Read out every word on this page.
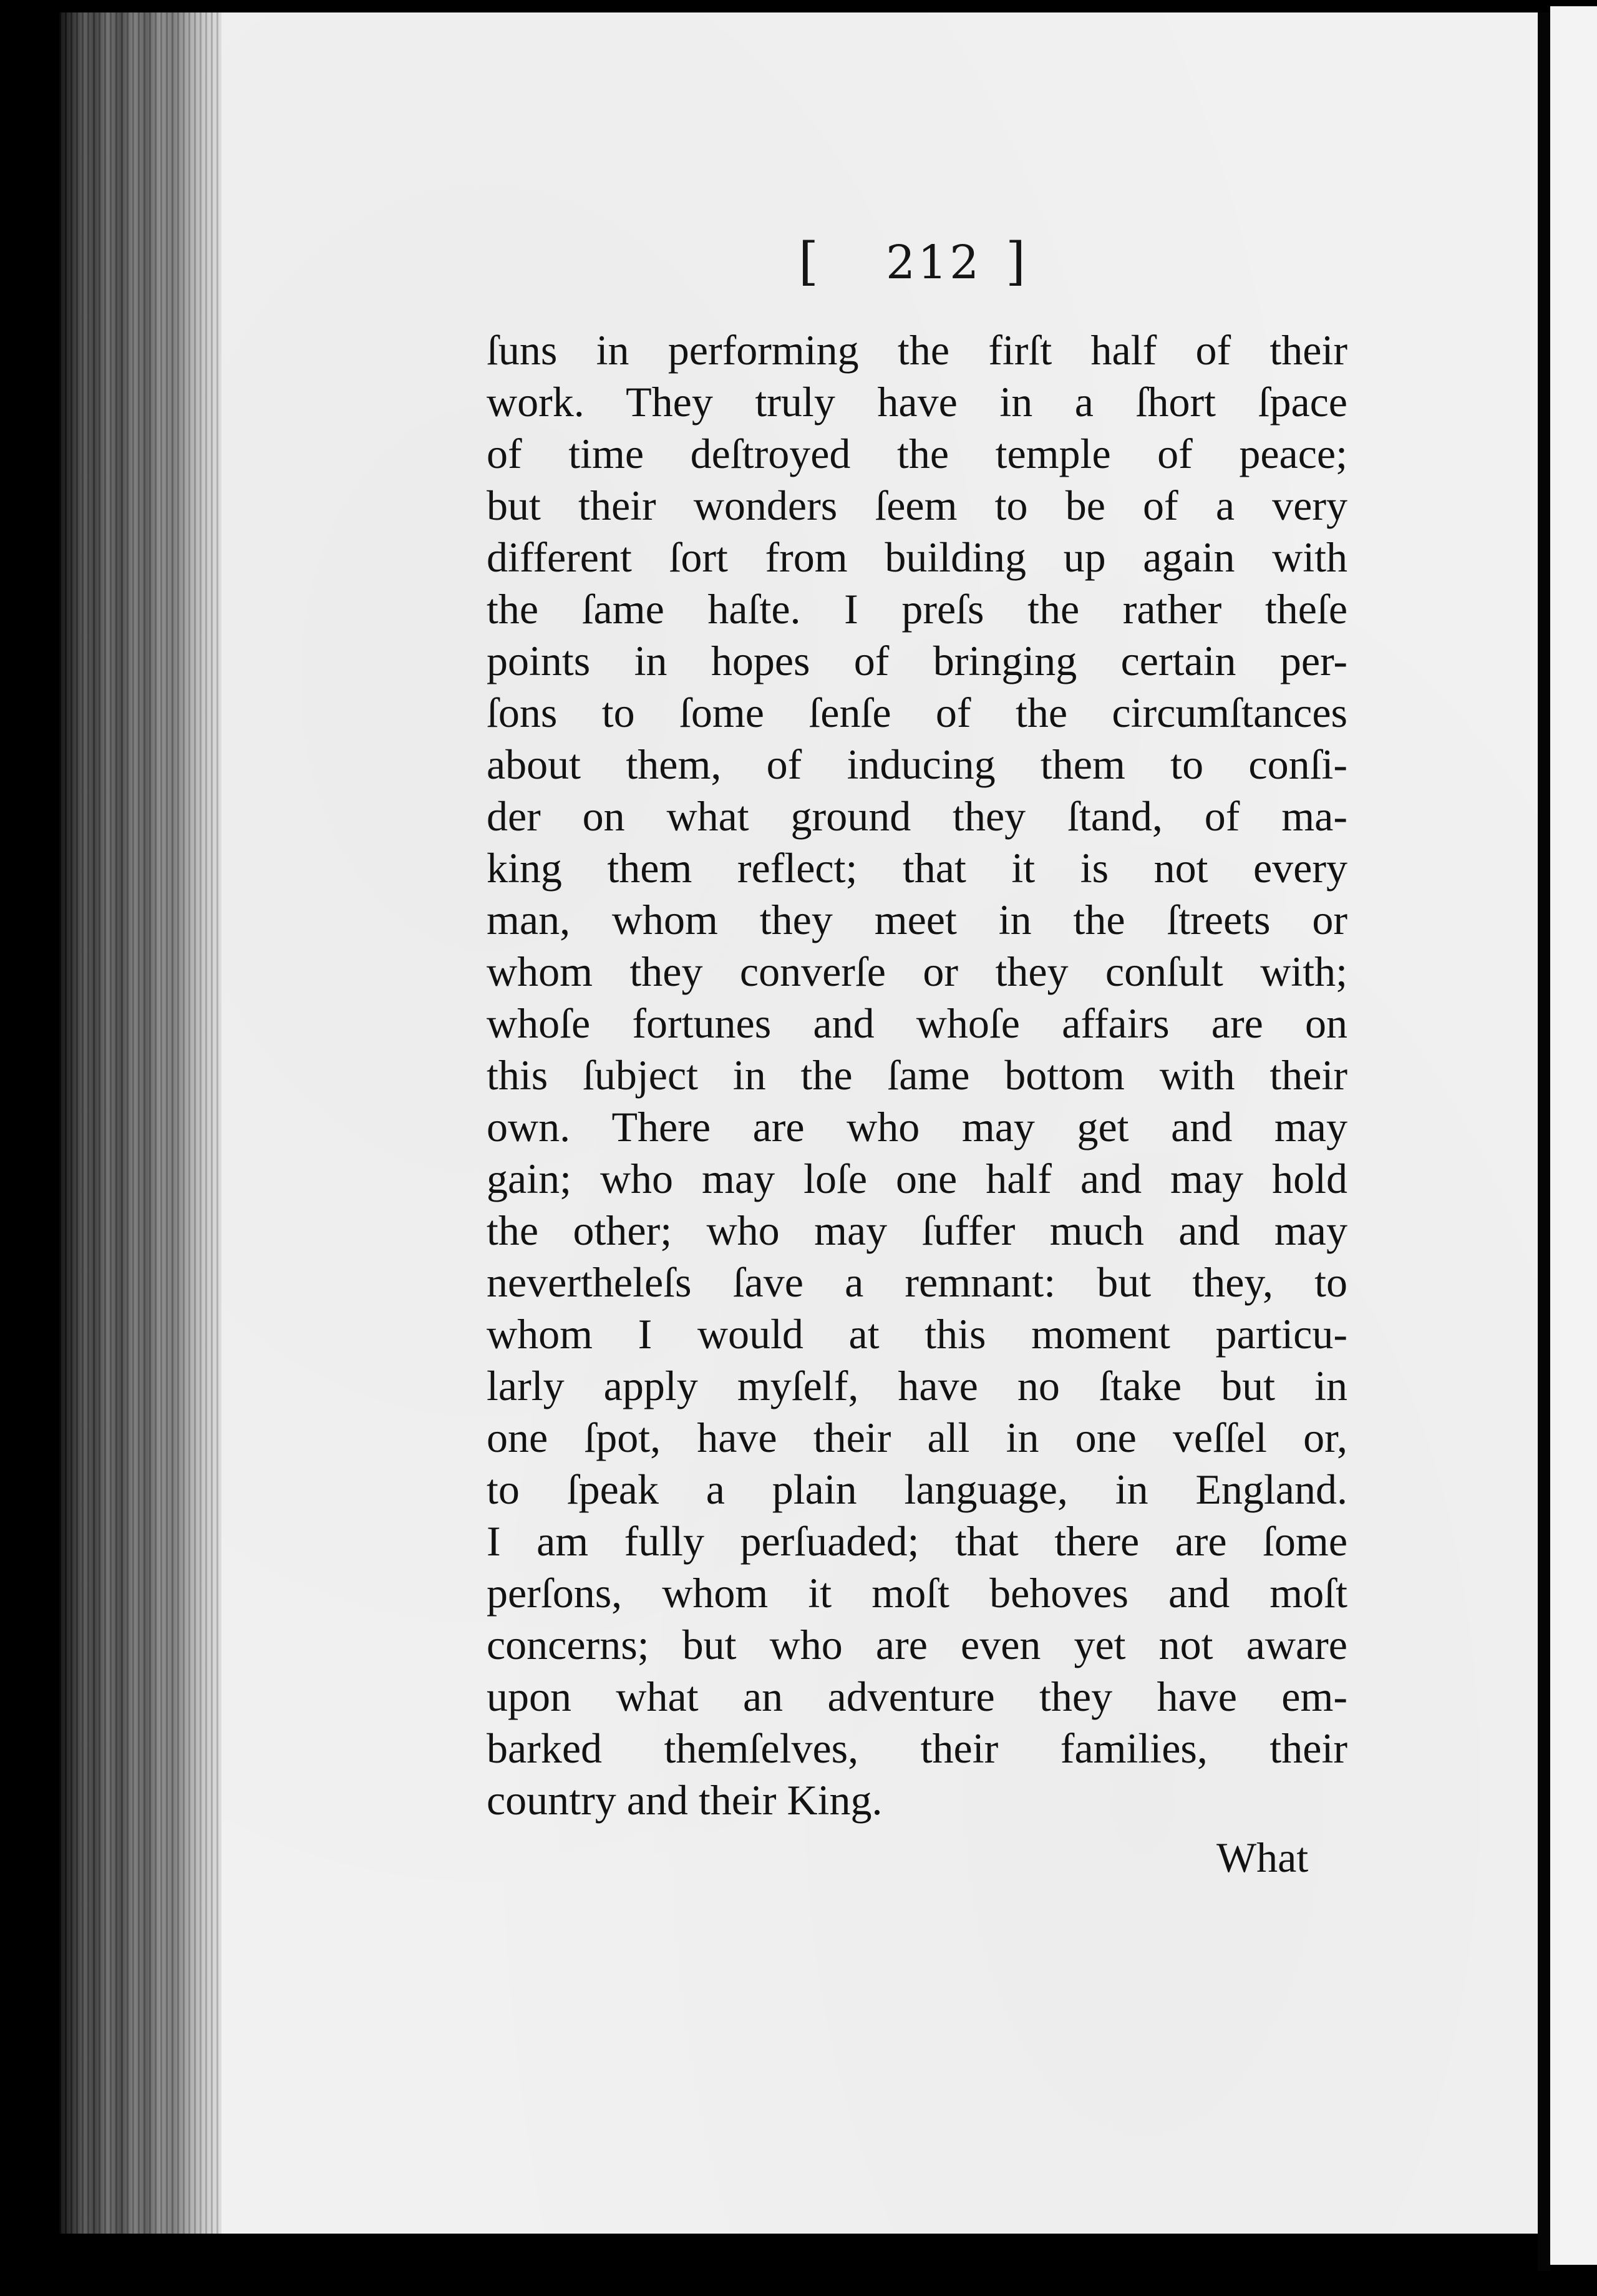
[ 212 ]
ſuns in performing the firſt half of their
work. They truly have in a ſhort ſpace
of time deſtroyed the temple of peace;
but their wonders ſeem to be of a very
different ſort from building up again with
the ſame haſte. I preſs the rather theſe
points in hopes of bringing certain per-
ſons to ſome ſenſe of the circumſtances
about them, of inducing them to conſi-
der on what ground they ſtand, of ma-
king them reflect; that it is not every
man, whom they meet in the ſtreets or
whom they converſe or they conſult with;
whoſe fortunes and whoſe affairs are on
this ſubject in the ſame bottom with their
own. There are who may get and may
gain; who may loſe one half and may hold
the other; who may ſuffer much and may
nevertheleſs ſave a remnant: but they, to
whom I would at this moment particu-
larly apply myſelf, have no ſtake but in
one ſpot, have their all in one veſſel or,
to ſpeak a plain language, in England.
I am fully perſuaded; that there are ſome
perſons, whom it moſt behoves and moſt
concerns; but who are even yet not aware
upon what an adventure they have em-
barked themſelves, their families, their
country and their King.
What
